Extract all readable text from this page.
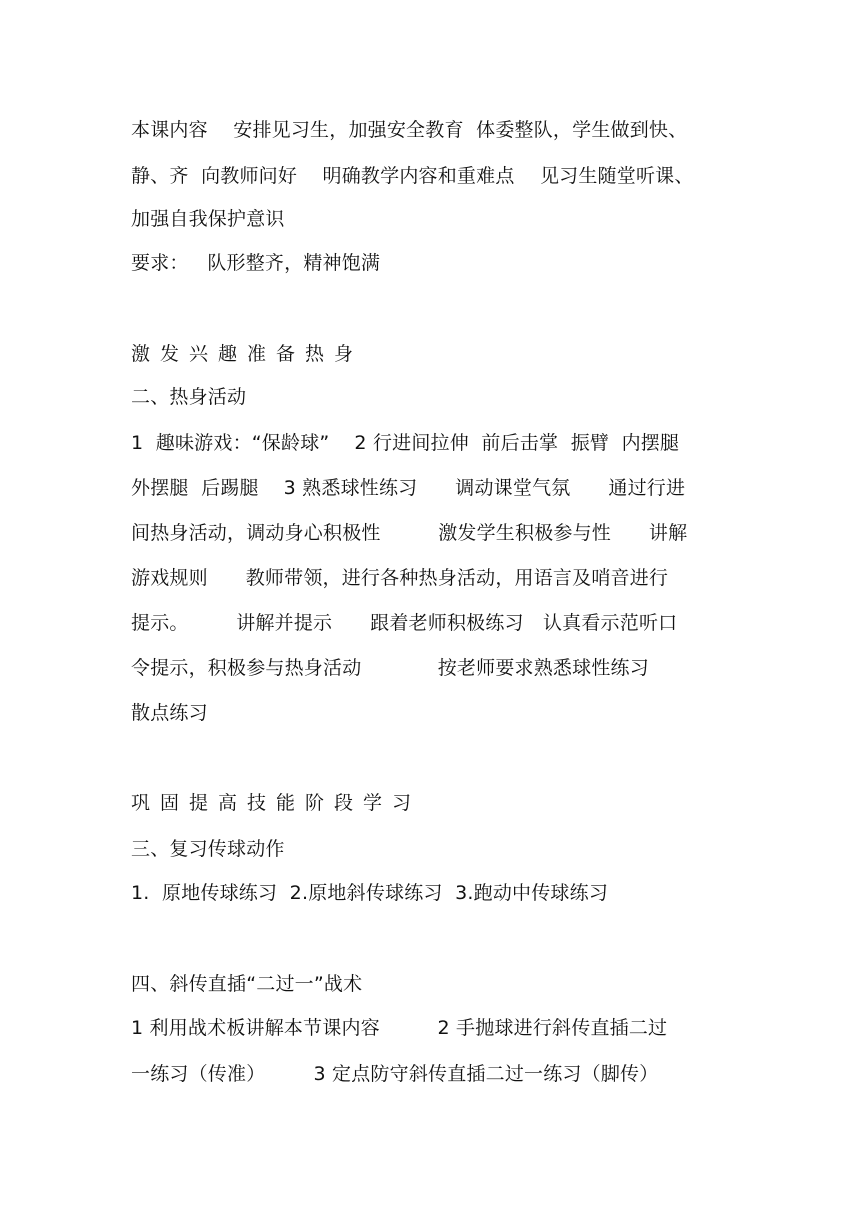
本课内容　 安排见习生，加强安全教育  体委整队，学生做到快、
静、齐  向教师问好　 明确教学内容和重难点　 见习生随堂听课、
加强自我保护意识
要求：   队形整齐，精神饱满
激发兴趣准备热身
二、热身活动
1  趣味游戏：“保龄球”    2 行进间拉伸  前后击掌  振臂  内摆腿
外摆腿  后踢腿    3 熟悉球性练习　   调动课堂气氛　   通过行进
间热身活动，调动身心积极性　　　激发学生积极参与性　   讲解
游戏规则　   教师带领，进行各种热身活动，用语言及哨音进行
提示。　　   讲解并提示　   跟着老师积极练习　认真看示范听口
令提示，积极参与热身活动　　　   按老师要求熟悉球性练习
散点练习
巩固提高技能阶段学习
三、复习传球动作
1.  原地传球练习  2.原地斜传球练习  3.跑动中传球练习
四、斜传直插“二过一”战术
1 利用战术板讲解本节课内容　　　2 手抛球进行斜传直插二过
一练习（传准）　　　3 定点防守斜传直插二过一练习（脚传）
